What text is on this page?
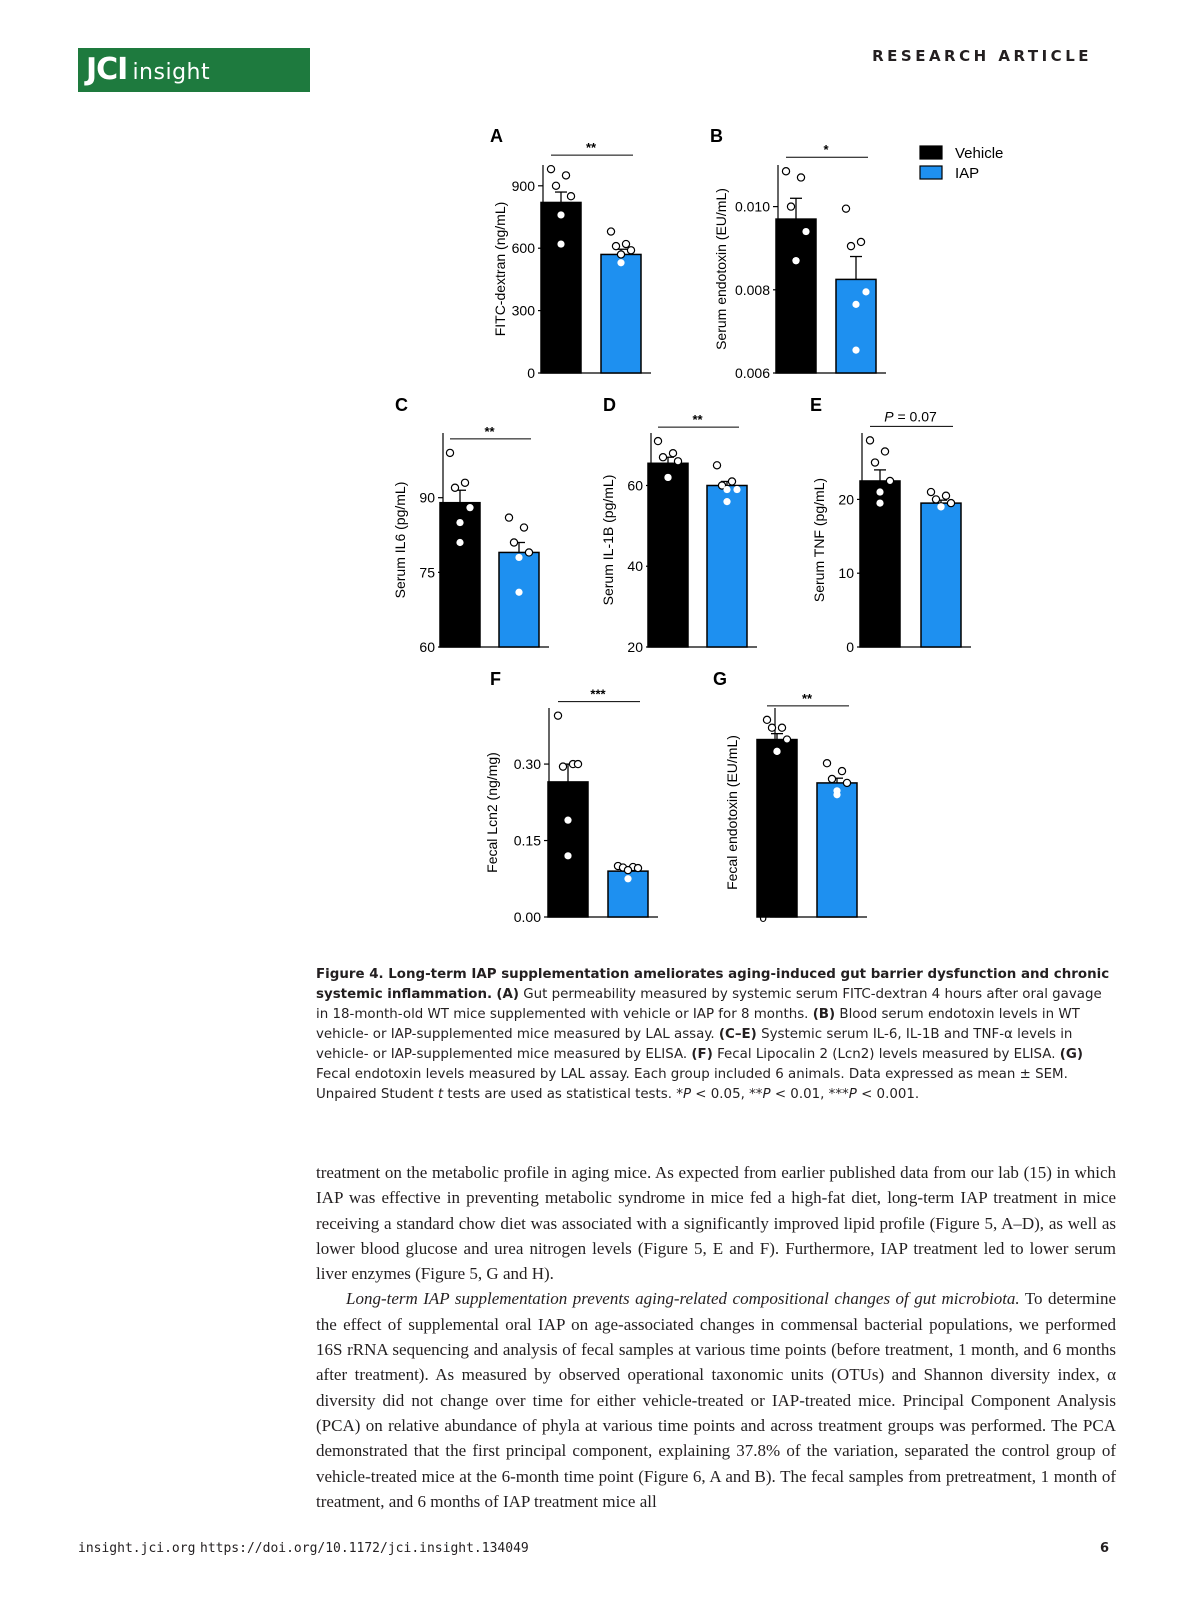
JCI insight
RESEARCH ARTICLE
A
0
300
600
900
FITC-dextran (ng/mL)
**
B
0.006
0.008
0.010
Serum endotoxin (EU/mL)
*	Vehicle
IAP
C
60
75
90
Serum IL6 (pg/mL)
**
D
20
40
60
Serum IL-1B (pg/mL)
**
E
0
10
20
Serum TNF (pg/mL)
P = 0.07
F
0.00
0.15
0.30
Fecal Lcn2 (ng/mg)
***
G
Fecal endotoxin (EU/mL)
**
Figure 4. Long-term IAP supplementation ameliorates aging-induced gut barrier dysfunction and chronic systemic inflammation. (A) Gut permeability measured by systemic serum FITC-dextran 4 hours after oral gavage in 18-month-old WT mice supplemented with vehicle or IAP for 8 months. (B) Blood serum endotoxin levels in WT vehicle- or IAP-supplemented mice measured by LAL assay. (C–E) Systemic serum IL-6, IL-1B and TNF-α levels in vehicle- or IAP-supplemented mice measured by ELISA. (F) Fecal Lipocalin 2 (Lcn2) levels measured by ELISA. (G) Fecal endotoxin levels measured by LAL assay. Each group included 6 animals. Data expressed as mean ± SEM. Unpaired Student t tests are used as statistical tests. *P < 0.05, **P < 0.01, ***P < 0.001.

treatment on the metabolic profile in aging mice. As expected from earlier published data from our lab (15) in which IAP was effective in preventing metabolic syndrome in mice fed a high-fat diet, long-term IAP treatment in mice receiving a standard chow diet was associated with a significantly improved lipid profile (Figure 5, A–D), as well as lower blood glucose and urea nitrogen levels (Figure 5, E and F). Furthermore, IAP treatment led to lower serum liver enzymes (Figure 5, G and H).

Long-term IAP supplementation prevents aging-related compositional changes of gut microbiota. To determine the effect of supplemental oral IAP on age-associated changes in commensal bacterial populations, we performed 16S rRNA sequencing and analysis of fecal samples at various time points (before treatment, 1 month, and 6 months after treatment). As measured by observed operational taxonomic units (OTUs) and Shannon diversity index, α diversity did not change over time for either vehicle-treated or IAP-treated mice. Principal Component Analysis (PCA) on relative abundance of phyla at various time points and across treatment groups was performed. The PCA demonstrated that the first principal component, explaining 37.8% of the variation, separated the control group of vehicle-treated mice at the 6-month time point (Figure 6, A and B). The fecal samples from pretreatment, 1 month of treatment, and 6 months of IAP treatment mice all

insight.jci.org https://doi.org/10.1172/jci.insight.134049	6
